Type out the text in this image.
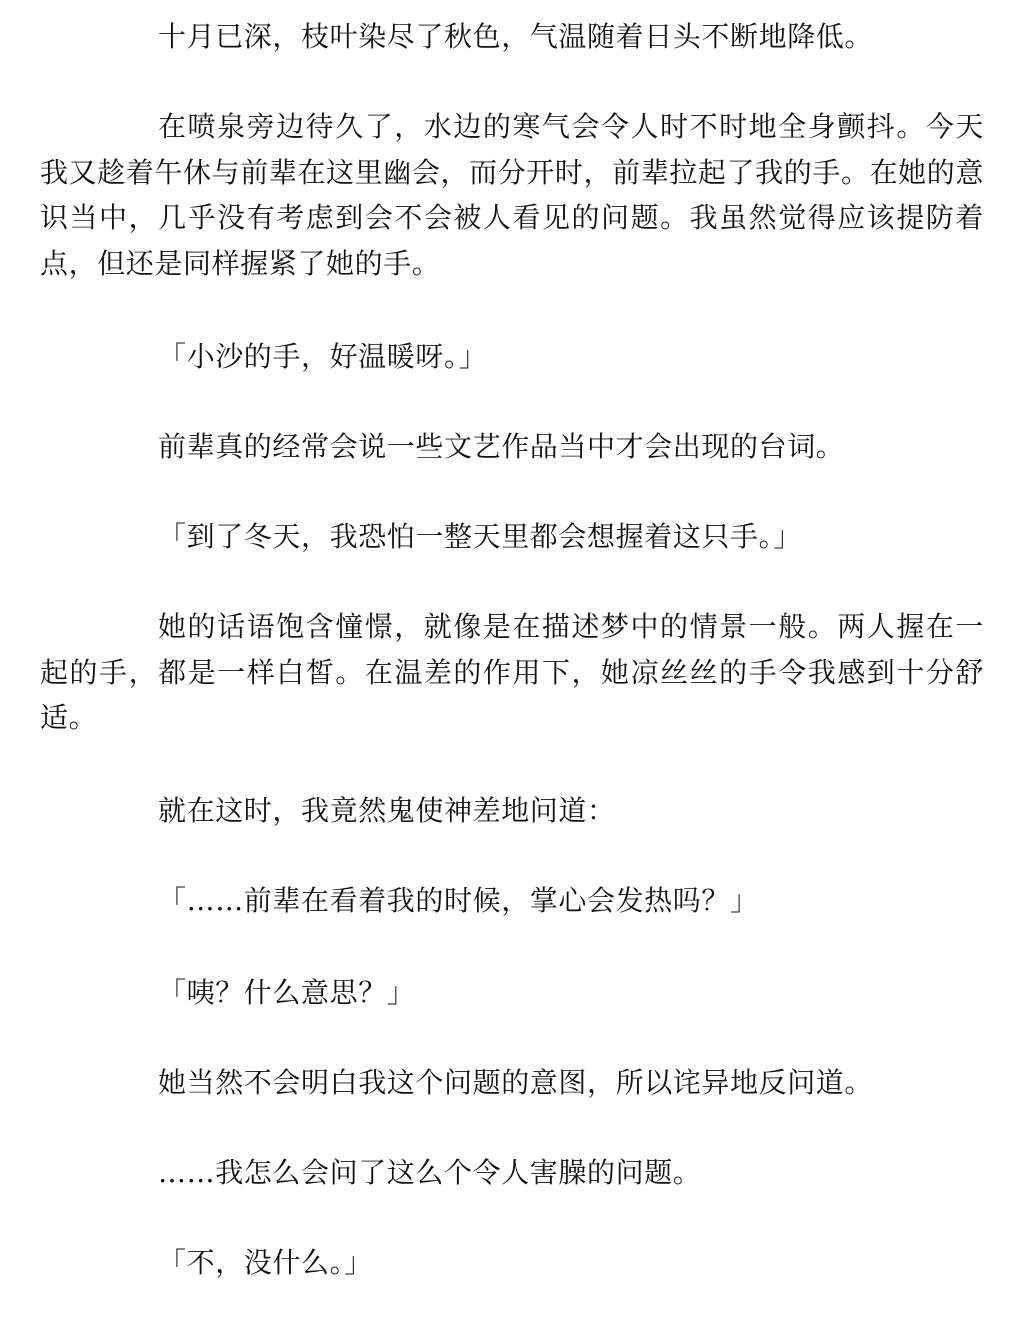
十月已深，枝叶染尽了秋色，气温随着日头不断地降低。

在喷泉旁边待久了，水边的寒气会令人时不时地全身颤抖。今天我又趁着午休与前辈在这里幽会，而分开时，前辈拉起了我的手。在她的意识当中，几乎没有考虑到会不会被人看见的问题。我虽然觉得应该提防着点，但还是同样握紧了她的手。

「小沙的手，好温暖呀。」

前辈真的经常会说一些文艺作品当中才会出现的台词。

「到了冬天，我恐怕一整天里都会想握着这只手。」

她的话语饱含憧憬，就像是在描述梦中的情景一般。两人握在一起的手，都是一样白皙。在温差的作用下，她凉丝丝的手令我感到十分舒适。

就在这时，我竟然鬼使神差地问道：

「……前辈在看着我的时候，掌心会发热吗？」

「咦？什么意思？」

她当然不会明白我这个问题的意图，所以诧异地反问道。

……我怎么会问了这么个令人害臊的问题。

「不，没什么。」
